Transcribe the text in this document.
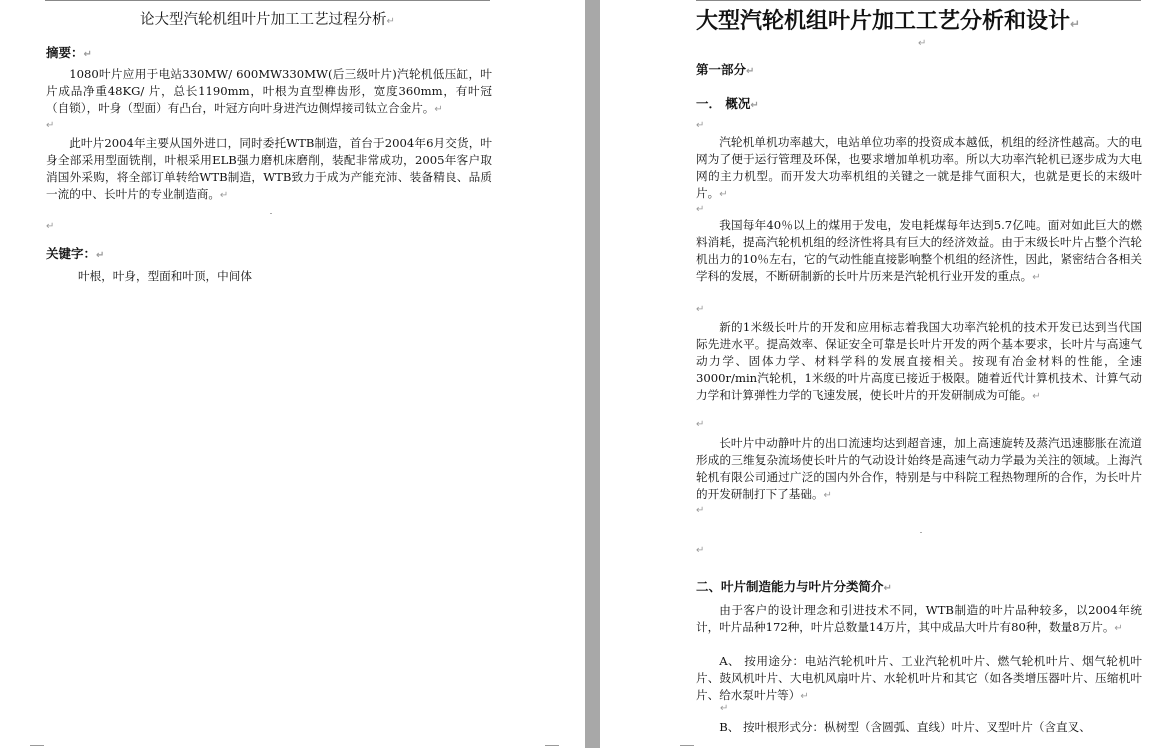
论大型汽轮机组叶片加工工艺过程分析↵
摘要：↵

1080叶片应用于电站330MW/ 600MW330MW(后三级叶片)汽轮机低压缸，叶片成品净重48KG/ 片，总长1190mm，叶根为直型榫齿形，宽度360mm，有叶冠（自锁），叶身（型面）有凸台，叶冠方向叶身进汽边侧焊接司钛立合金片。↵

↵

此叶片2004年主要从国外进口，同时委托WTB制造，首台于2004年6月交货，叶身全部采用型面铣削，叶根采用ELB强力磨机床磨削，装配非常成功，2005年客户取消国外采购，将全部订单转给WTB制造，WTB致力于成为产能充沛、装备精良、品质一流的中、长叶片的专业制造商。↵

↵
关键字：↵

叶根，叶身，型面和叶顶，中间体

大型汽轮机组叶片加工工艺分析和设计↵
↵
第一部分↵
一． 概况↵
↵

汽轮机单机功率越大，电站单位功率的投资成本越低，机组的经济性越高。大的电网为了便于运行管理及环保，也要求增加单机功率。所以大功率汽轮机已逐步成为大电网的主力机型。而开发大功率机组的关键之一就是排气面积大，也就是更长的末级叶片。↵

↵

我国每年40％以上的煤用于发电，发电耗煤每年达到5.7亿吨。面对如此巨大的燃料消耗，提高汽轮机机组的经济性将具有巨大的经济效益。由于末级长叶片占整个汽轮机出力的10％左右，它的气动性能直接影响整个机组的经济性，因此，紧密结合各相关学科的发展，不断研制新的长叶片历来是汽轮机行业开发的重点。↵

↵

新的1米级长叶片的开发和应用标志着我国大功率汽轮机的技术开发已达到当代国际先进水平。提高效率、保证安全可靠是长叶片开发的两个基本要求，长叶片与高速气动力学、固体力学、材料学科的发展直接相关。按现有冶金材料的性能，全速3000r/min汽轮机，1米级的叶片高度已接近于极限。随着近代计算机技术、计算气动力学和计算弹性力学的飞速发展，使长叶片的开发研制成为可能。↵

↵

长叶片中动静叶片的出口流速均达到超音速，加上高速旋转及蒸汽迅速膨胀在流道形成的三维复杂流场使长叶片的气动设计始终是高速气动力学最为关注的领域。上海汽轮机有限公司通过广泛的国内外合作，特别是与中科院工程热物理所的合作，为长叶片的开发研制打下了基础。↵

↵
↵
二、叶片制造能力与叶片分类简介↵

由于客户的设计理念和引进技术不同，WTB制造的叶片品种较多，以2004年统计，叶片品种172种，叶片总数量14万片，其中成品大叶片有80种，数量8万片。↵

A、 按用途分：电站汽轮机叶片、工业汽轮机叶片、燃气轮机叶片、烟气轮机叶片、鼓风机叶片、大电机风扇叶片、水轮机叶片和其它（如各类增压器叶片、压缩机叶片、给水泵叶片等）↵

↵

B、 按叶根形式分：枞树型（含圆弧、直线）叶片、叉型叶片（含直叉、
